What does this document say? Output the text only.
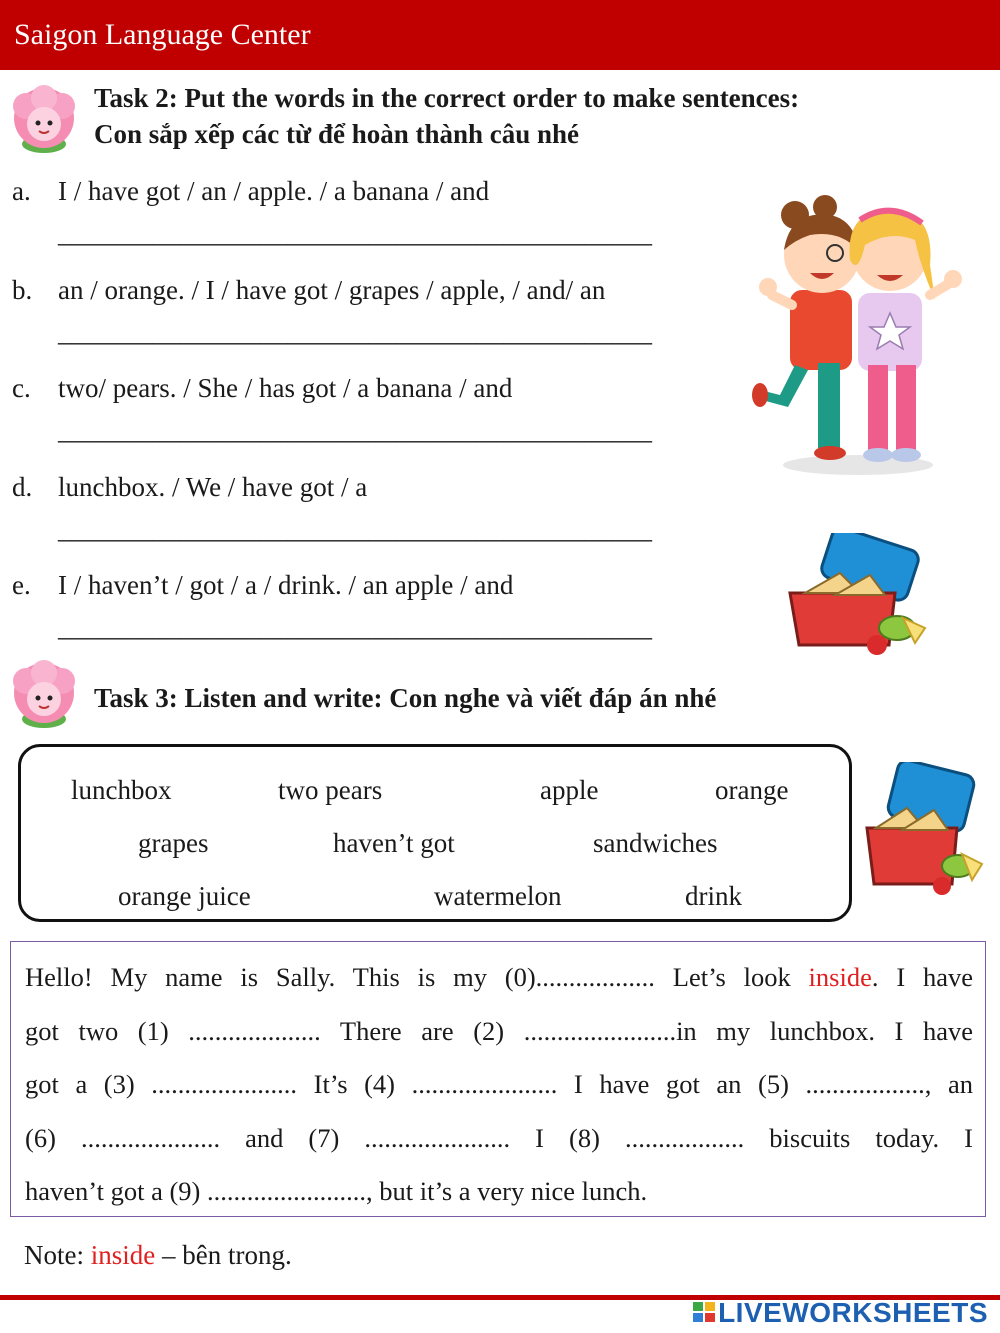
Saigon Language Center
Task 2: Put the words in the correct order to make sentences:
Con sắp xếp các từ để hoàn thành câu nhé
a. I / have got / an / apple. / a banana / and
____________________________________________
b. an / orange. / I / have got / grapes / apple, / and/ an
____________________________________________
c. two/ pears. / She / has got / a banana / and
____________________________________________
d. lunchbox. / We / have got / a
____________________________________________
e. I / haven’t / got / a / drink. / an apple / and
____________________________________________
Task 3: Listen and write: Con nghe và viết đáp án nhé
lunchbox	two pears	apple	orange
grapes	haven’t got	sandwiches
orange juice	watermelon	drink

Hello! My name is Sally. This is my (0).................. Let’s look inside. I have

got two (1) .................... There are (2) .......................in my lunchbox. I have

got a (3) ...................... It’s (4) ...................... I have got an (5) .................., an

(6) ..................... and (7) ...................... I (8) .................. biscuits today. I

haven’t got a (9) ........................, but it’s a very nice lunch.

Note: inside – bên trong.
LIVEWORKSHEETS
